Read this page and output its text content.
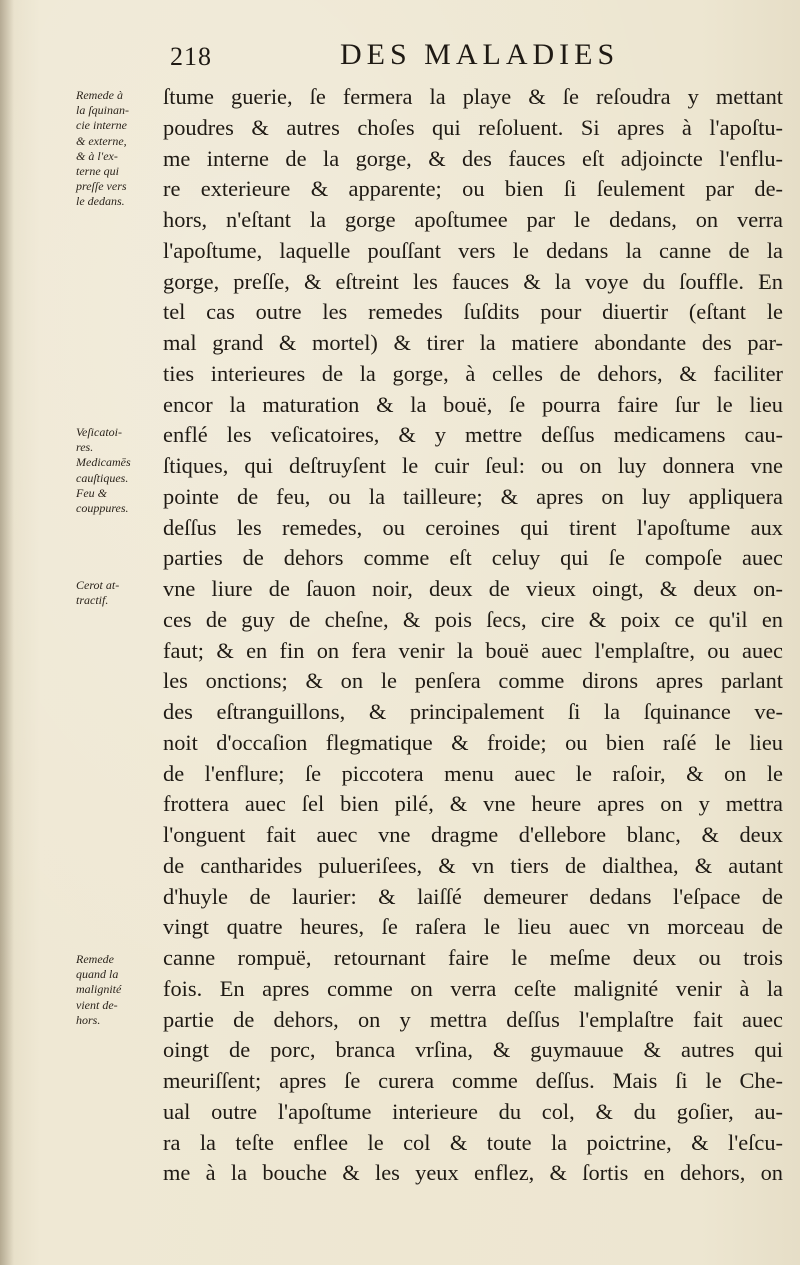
218	DES MALADIES
ſtume guerie, ſe fermera la playe & ſe reſoudra y mettant
poudres & autres choſes qui reſoluent. Si apres à l'apoſtu-
me interne de la gorge, & des fauces eſt adjoincte l'enflu-
re exterieure & apparente; ou bien ſi ſeulement par de-
hors, n'eſtant la gorge apoſtumee par le dedans, on verra
l'apoſtume, laquelle pouſſant vers le dedans la canne de la
gorge, preſſe, & eſtreint les fauces & la voye du ſouffle. En
tel cas outre les remedes ſuſdits pour diuertir (eſtant le
mal grand & mortel) & tirer la matiere abondante des par-
ties interieures de la gorge, à celles de dehors, & faciliter
encor la maturation & la bouë, ſe pourra faire ſur le lieu
enflé les veſicatoires, & y mettre deſſus medicamens cau-
ſtiques, qui deſtruyſent le cuir ſeul: ou on luy donnera vne
pointe de feu, ou la tailleure; & apres on luy appliquera
deſſus les remedes, ou ceroines qui tirent l'apoſtume aux
parties de dehors comme eſt celuy qui ſe compoſe auec
vne liure de ſauon noir, deux de vieux oingt, & deux on-
ces de guy de cheſne, & pois ſecs, cire & poix ce qu'il en
faut; & en fin on fera venir la bouë auec l'emplaſtre, ou auec
les onctions; & on le penſera comme dirons apres parlant
des eſtranguillons, & principalement ſi la ſquinance ve-
noit d'occaſion flegmatique & froide; ou bien raſé le lieu
de l'enflure; ſe piccotera menu auec le raſoir, & on le
frottera auec ſel bien pilé, & vne heure apres on y mettra
l'onguent fait auec vne dragme d'ellebore blanc, & deux
de cantharides pulueriſees, & vn tiers de dialthea, & autant
d'huyle de laurier: & laiſſé demeurer dedans l'eſpace de
vingt quatre heures, ſe raſera le lieu auec vn morceau de
canne rompuë, retournant faire le meſme deux ou trois
fois. En apres comme on verra ceſte malignité venir à la
partie de dehors, on y mettra deſſus l'emplaſtre fait auec
oingt de porc, branca vrſina, & guymauue & autres qui
meuriſſent; apres ſe curera comme deſſus. Mais ſi le Che-
ual outre l'apoſtume interieure du col, & du goſier, au-
ra la teſte enflee le col & toute la poictrine, & l'eſcu-
me à la bouche & les yeux enflez, & ſortis en dehors, on
Remede à
la ſquinan-
cie interne
& externe,
& à l'ex-
terne qui
preſſe vers
le dedans.
Veſicatoi-
res.
Medicamēs
cauſtiques.
Feu &
couppures.
Cerot at-
tractif.
Remede
quand la
malignité
vient de-
hors.
